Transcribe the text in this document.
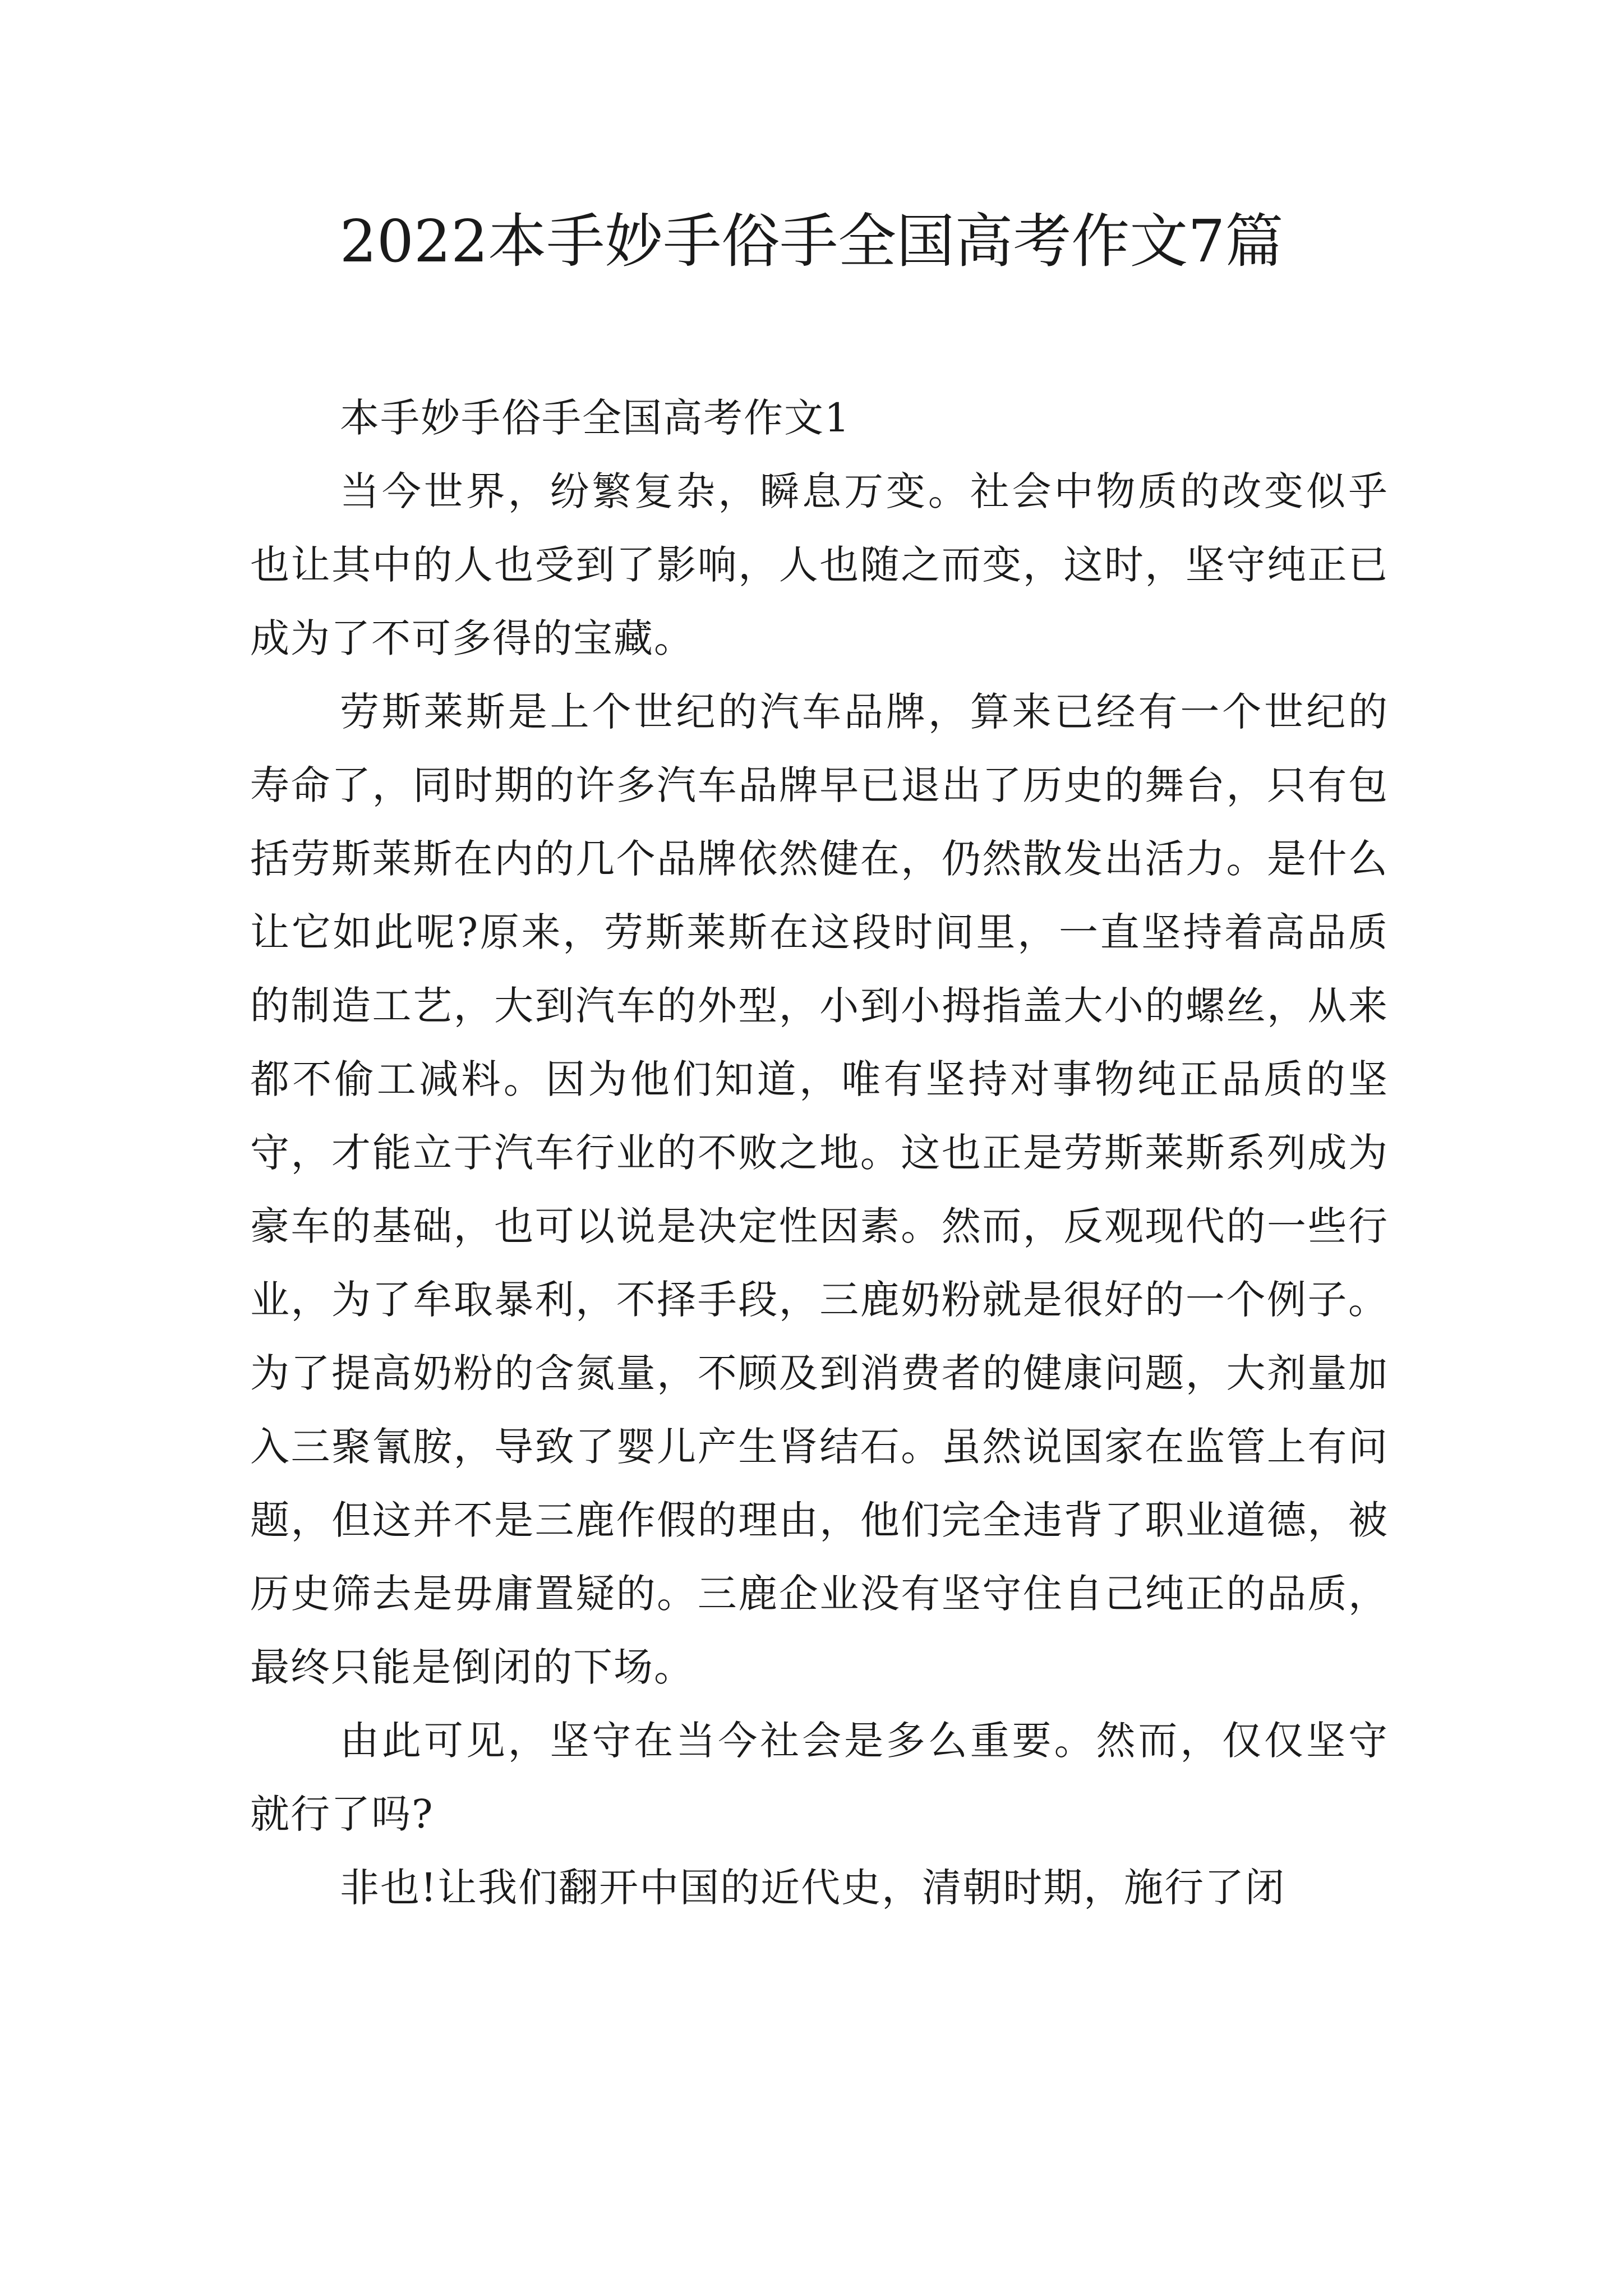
2022本手妙手俗手全国高考作文7篇

本手妙手俗手全国高考作文1

当今世界，纷繁复杂，瞬息万变。社会中物质的改变似乎也让其中的人也受到了影响，人也随之而变，这时，坚守纯正已成为了不可多得的宝藏。

劳斯莱斯是上个世纪的汽车品牌，算来已经有一个世纪的寿命了，同时期的许多汽车品牌早已退出了历史的舞台，只有包括劳斯莱斯在内的几个品牌依然健在，仍然散发出活力。是什么让它如此呢?原来，劳斯莱斯在这段时间里，一直坚持着高品质的制造工艺，大到汽车的外型，小到小拇指盖大小的螺丝，从来都不偷工减料。因为他们知道，唯有坚持对事物纯正品质的坚守，才能立于汽车行业的不败之地。这也正是劳斯莱斯系列成为豪车的基础，也可以说是决定性因素。然而，反观现代的一些行业，为了牟取暴利，不择手段，三鹿奶粉就是很好的一个例子。为了提高奶粉的含氮量，不顾及到消费者的健康问题，大剂量加入三聚氰胺，导致了婴儿产生肾结石。虽然说国家在监管上有问题，但这并不是三鹿作假的理由，他们完全违背了职业道德，被历史筛去是毋庸置疑的。三鹿企业没有坚守住自己纯正的品质，最终只能是倒闭的下场。

由此可见，坚守在当今社会是多么重要。然而，仅仅坚守就行了吗?

非也!让我们翻开中国的近代史，清朝时期，施行了闭
